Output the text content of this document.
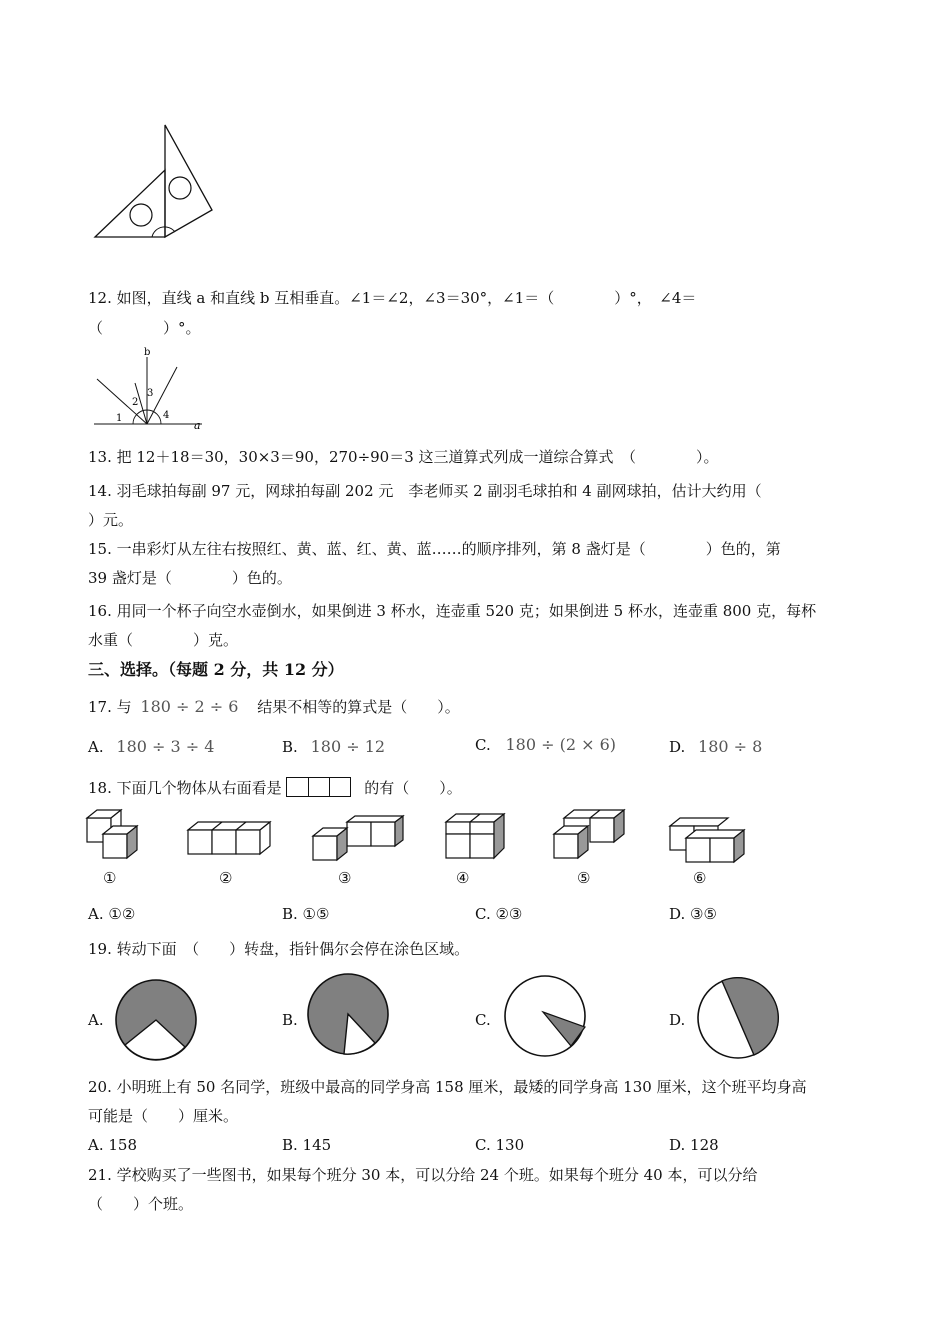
12. 如图，直线 a 和直线 b 互相垂直。∠1＝∠2，∠3＝30°，∠1＝（　　　　）°，　∠4＝
（　　　　）°。
b
a
1
2
3
4
13. 把 12＋18＝30，30×3＝90，270÷90＝3 这三道算式列成一道综合算式　（　　　　）。
14. 羽毛球拍每副 97 元，网球拍每副 202 元　李老师买 2 副羽毛球拍和 4 副网球拍，估计大约用（
）元。
15. 一串彩灯从左往右按照红、黄、蓝、红、黄、蓝……的顺序排列，第 8 盏灯是（　　　　）色的，第
39 盏灯是（　　　　）色的。
16. 用同一个杯子向空水壶倒水，如果倒进 3 杯水，连壶重 520 克；如果倒进 5 杯水，连壶重 800 克，每杯
水重（　　　　）克。
三、选择。（每题 2 分，共 12 分）
17. 与 180 ÷ 2 ÷ 6 结果不相等的算式是（　　）。
A. 180 ÷ 3 ÷ 4	B. 180 ÷ 12	C. 180 ÷ (2 × 6)	D. 180 ÷ 8
18. 下面几个物体从右面看是	的有（　　）。
①	②	③	④	⑤	⑥
A. ①②	B. ①⑤	C. ②③	D. ③⑤
19. 转动下面　（　　）转盘，指针偶尔会停在涂色区域。
A.	B.	C.	D.
20. 小明班上有 50 名同学，班级中最高的同学身高 158 厘米，最矮的同学身高 130 厘米，这个班平均身高
可能是（　　）厘米。
A. 158	B. 145	C. 130	D. 128
21. 学校购买了一些图书，如果每个班分 30 本，可以分给 24 个班。如果每个班分 40 本，可以分给
（　　）个班。
